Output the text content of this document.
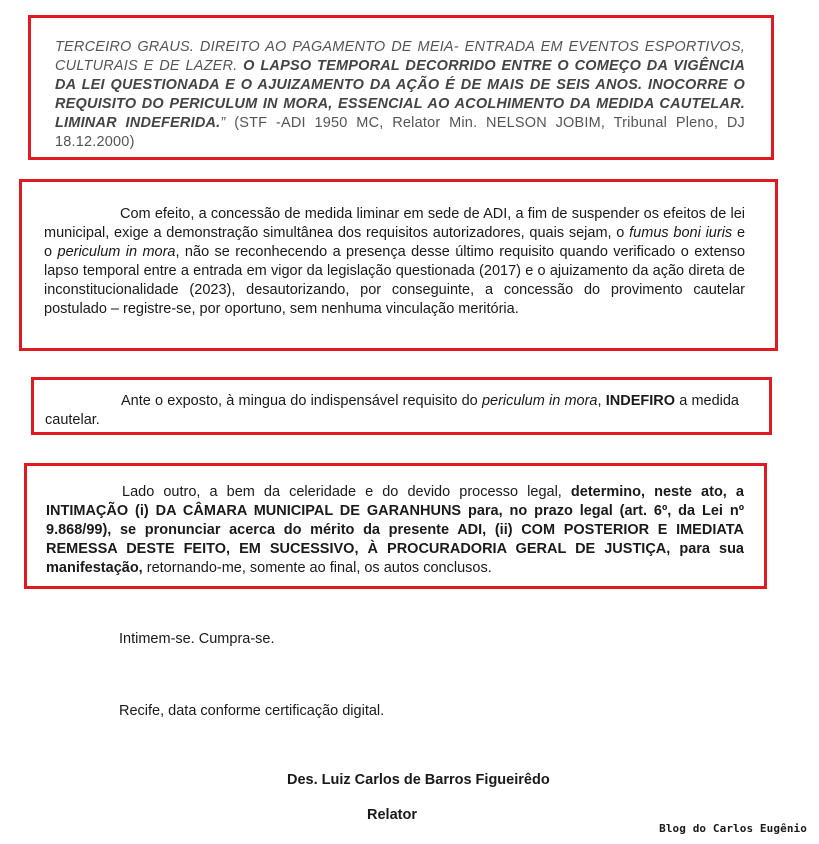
TERCEIRO GRAUS. DIREITO AO PAGAMENTO DE MEIA- ENTRADA EM EVENTOS ESPORTIVOS, CULTURAIS E DE LAZER. O LAPSO TEMPORAL DECORRIDO ENTRE O COMEÇO DA VIGÊNCIA DA LEI QUESTIONADA E O AJUIZAMENTO DA AÇÃO É DE MAIS DE SEIS ANOS. INOCORRE O REQUISITO DO PERICULUM IN MORA, ESSENCIAL AO ACOLHIMENTO DA MEDIDA CAUTELAR. LIMINAR INDEFERIDA.” (STF -ADI 1950 MC, Relator Min. NELSON JOBIM, Tribunal Pleno, DJ 18.12.2000)

Com efeito, a concessão de medida liminar em sede de ADI, a fim de suspender os efeitos de lei municipal, exige a demonstração simultânea dos requisitos autorizadores, quais sejam, o fumus boni iuris e o periculum in mora, não se reconhecendo a presença desse último requisito quando verificado o extenso lapso temporal entre a entrada em vigor da legislação questionada (2017) e o ajuizamento da ação direta de inconstitucionalidade (2023), desautorizando, por conseguinte, a concessão do provimento cautelar postulado – registre-se, por oportuno, sem nenhuma vinculação meritória.

Ante o exposto, à mingua do indispensável requisito do periculum in mora, INDEFIRO a medida cautelar.

Lado outro, a bem da celeridade e do devido processo legal, determino, neste ato, a INTIMAÇÃO (i) DA CÂMARA MUNICIPAL DE GARANHUNS para, no prazo legal (art. 6º, da Lei nº 9.868/99), se pronunciar acerca do mérito da presente ADI, (ii) COM POSTERIOR E IMEDIATA REMESSA DESTE FEITO, EM SUCESSIVO, À PROCURADORIA GERAL DE JUSTIÇA, para sua manifestação, retornando-me, somente ao final, os autos conclusos.

Intimem-se. Cumpra-se.

Recife, data conforme certificação digital.

Des. Luiz Carlos de Barros Figueirêdo
Relator
Blog do Carlos Eugênio
